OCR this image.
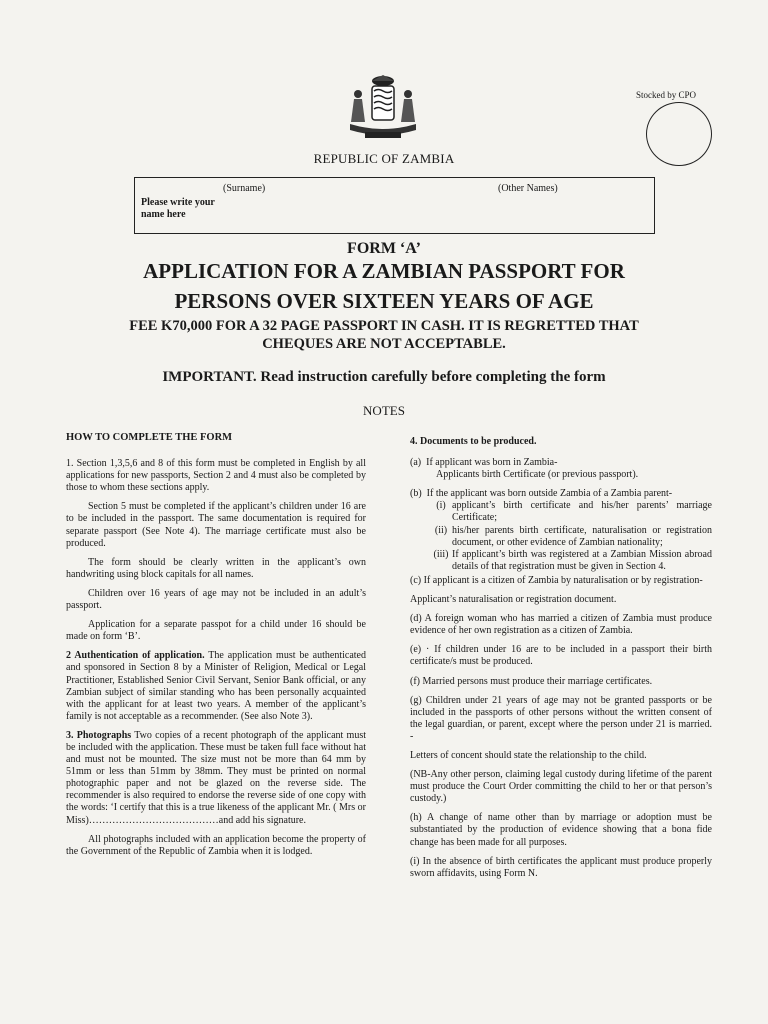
Stocked by CPO
REPUBLIC OF ZAMBIA
(Surname)	(Other Names)
Please write your name here
FORM ‘A’
APPLICATION FOR A ZAMBIAN PASSPORT FOR
PERSONS OVER SIXTEEN YEARS OF AGE
FEE K70,000 FOR A 32 PAGE PASSPORT IN CASH. IT IS REGRETTED THAT
CHEQUES ARE NOT ACCEPTABLE.
IMPORTANT. Read instruction carefully before completing the form
NOTES

HOW TO COMPLETE THE FORM

1. Section 1,3,5,6 and 8 of this form must be completed in English by all applications for new passports, Section 2 and 4 must also be completed by those to whom these sections apply.

Section 5 must be completed if the applicant’s children under 16 are to be included in the passport. The same documentation is required for separate passport (See Note 4). The marriage certificate must also be produced.

The form should be clearly written in the applicant’s own handwriting using block capitals for all names.

Children over 16 years of age may not be included in an adult’s passport.

Application for a separate passpot for a child under 16 should be made on form ‘B’.

2 Authentication of application. The application must be authenticated and sponsored in Section 8 by a Minister of Religion, Medical or Legal Practitioner, Established Senior Civil Servant, Senior Bank official, or any Zambian subject of similar standing who has been personally acquainted with the applicant for at least two years. A member of the applicant’s family is not acceptable as a recommender. (See also Note 3).

3. Photographs Two copies of a recent photograph of the applicant must be included with the application. These must be taken full face without hat and must not be mounted. The size must not be more than 64 mm by 51mm or less than 51mm by 38mm. They must be printed on normal photographic paper and not be glazed on the reverse side. The recommender is also required to endorse the reverse side of one copy with the words: ‘I certify that this is a true likeness of the applicant Mr. ( Mrs or Miss)…………………………………and add his signature.

All photographs included with an application become the property of the Government of the Republic of Zambia when it is lodged.

4. Documents to be produced.

(a) If applicant was born in Zambia-

Applicants birth Certificate (or previous passport).

(b) If the applicant was born outside Zambia of a Zambia parent-

(i) applicant’s birth certificate and his/her parents’ marriage Certificate;
(ii) his/her parents birth certificate, naturalisation or registration document, or other evidence of Zambian nationality;
(iii) If applicant’s birth was registered at a Zambian Mission abroad details of that registration must be given in Section 4.

(c) If applicant is a citizen of Zambia by naturalisation or by registration-

Applicant’s naturalisation or registration document.

(d) A foreign woman who has married a citizen of Zambia must produce evidence of her own registration as a citizen of Zambia.

(e) · If children under 16 are to be included in a passport their birth certificate/s must be produced.

(f) Married persons must produce their marriage certificates.

(g) Children under 21 years of age may not be granted passports or be included in the passports of other persons without the written consent of the legal guardian, or parent, except where the person under 21 is married. -

Letters of concent should state the relationship to the child.

(NB-Any other person, claiming legal custody during lifetime of the parent must produce the Court Order committing the child to her or that person’s custody.)

(h) A change of name other than by marriage or adoption must be substantiated by the production of evidence showing that a bona fide change has been made for all purposes.

(i) In the absence of birth certificates the applicant must produce properly sworn affidavits, using Form N.
